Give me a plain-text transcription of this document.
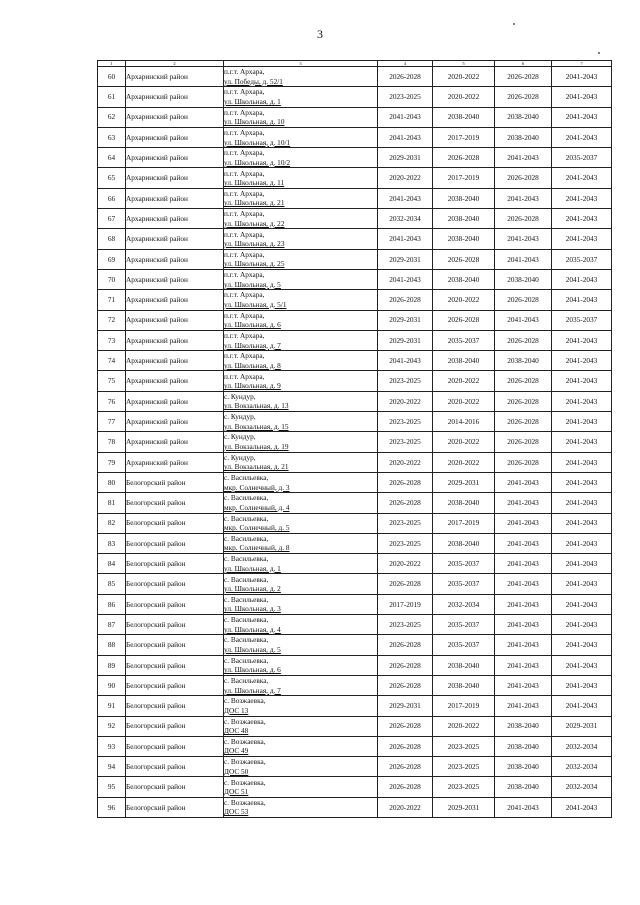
3
1	2	3	4	5	6	7
60	Архаринский район	п.г.т. Архара,
ул. Победы, д. 52/1	2026-2028	2020-2022	2026-2028	2041-2043
61	Архаринский район	п.г.т. Архара,
ул. Школьная, д. 1	2023-2025	2020-2022	2026-2028	2041-2043
62	Архаринский район	п.г.т. Архара,
ул. Школьная, д. 10	2041-2043	2038-2040	2038-2040	2041-2043
63	Архаринский район	п.г.т. Архара,
ул. Школьная, д. 10/1	2041-2043	2017-2019	2038-2040	2041-2043
64	Архаринский район	п.г.т. Архара,
ул. Школьная, д. 10/2	2029-2031	2026-2028	2041-2043	2035-2037
65	Архаринский район	п.г.т. Архара,
ул. Школьная, д. 11	2020-2022	2017-2019	2026-2028	2041-2043
66	Архаринский район	п.г.т. Архара,
ул. Школьная, д. 21	2041-2043	2038-2040	2041-2043	2041-2043
67	Архаринский район	п.г.т. Архара,
ул. Школьная, д. 22	2032-2034	2038-2040	2026-2028	2041-2043
68	Архаринский район	п.г.т. Архара,
ул. Школьная, д. 23	2041-2043	2038-2040	2041-2043	2041-2043
69	Архаринский район	п.г.т. Архара,
ул. Школьная, д. 25	2029-2031	2026-2028	2041-2043	2035-2037
70	Архаринский район	п.г.т. Архара,
ул. Школьная, д. 5	2041-2043	2038-2040	2038-2040	2041-2043
71	Архаринский район	п.г.т. Архара,
ул. Школьная, д. 5/1	2026-2028	2020-2022	2026-2028	2041-2043
72	Архаринский район	п.г.т. Архара,
ул. Школьная, д. 6	2029-2031	2026-2028	2041-2043	2035-2037
73	Архаринский район	п.г.т. Архара,
ул. Школьная, д. 7	2029-2031	2035-2037	2026-2028	2041-2043
74	Архаринский район	п.г.т. Архара,
ул. Школьная, д. 8	2041-2043	2038-2040	2038-2040	2041-2043
75	Архаринский район	п.г.т. Архара,
ул. Школьная, д. 9	2023-2025	2020-2022	2026-2028	2041-2043
76	Архаринский район	с. Кундур,
ул. Вокзальная, д. 13	2020-2022	2020-2022	2026-2028	2041-2043
77	Архаринский район	с. Кундур,
ул. Вокзальная, д. 15	2023-2025	2014-2016	2026-2028	2041-2043
78	Архаринский район	с. Кундур,
ул. Вокзальная, д. 19	2023-2025	2020-2022	2026-2028	2041-2043
79	Архаринский район	с. Кундур,
ул. Вокзальная, д. 21	2020-2022	2020-2022	2026-2028	2041-2043
80	Белогорский район	с. Васильевка,
мкр. Солнечный, д. 3	2026-2028	2029-2031	2041-2043	2041-2043
81	Белогорский район	с. Васильевка,
мкр. Солнечный, д. 4	2026-2028	2038-2040	2041-2043	2041-2043
82	Белогорский район	с. Васильевка,
мкр. Солнечный, д. 5	2023-2025	2017-2019	2041-2043	2041-2043
83	Белогорский район	с. Васильевка,
мкр. Солнечный, д. 8	2023-2025	2038-2040	2041-2043	2041-2043
84	Белогорский район	с. Васильевка,
ул. Школьная, д. 1	2020-2022	2035-2037	2041-2043	2041-2043
85	Белогорский район	с. Васильевка,
ул. Школьная, д. 2	2026-2028	2035-2037	2041-2043	2041-2043
86	Белогорский район	с. Васильевка,
ул. Школьная, д. 3	2017-2019	2032-2034	2041-2043	2041-2043
87	Белогорский район	с. Васильевка,
ул. Школьная, д. 4	2023-2025	2035-2037	2041-2043	2041-2043
88	Белогорский район	с. Васильевка,
ул. Школьная, д. 5	2026-2028	2035-2037	2041-2043	2041-2043
89	Белогорский район	с. Васильевка,
ул. Школьная, д. 6	2026-2028	2038-2040	2041-2043	2041-2043
90	Белогорский район	с. Васильевка,
ул. Школьная, д. 7	2026-2028	2038-2040	2041-2043	2041-2043
91	Белогорский район	с. Возжаевка,
ДОС 13	2029-2031	2017-2019	2041-2043	2041-2043
92	Белогорский район	с. Возжаевка,
ДОС 48	2026-2028	2020-2022	2038-2040	2029-2031
93	Белогорский район	с. Возжаевка,
ДОС 49	2026-2028	2023-2025	2038-2040	2032-2034
94	Белогорский район	с. Возжаевка,
ДОС 50	2026-2028	2023-2025	2038-2040	2032-2034
95	Белогорский район	с. Возжаевка,
ДОС 51	2026-2028	2023-2025	2038-2040	2032-2034
96	Белогорский район	с. Возжаевка,
ДОС 53	2020-2022	2029-2031	2041-2043	2041-2043
